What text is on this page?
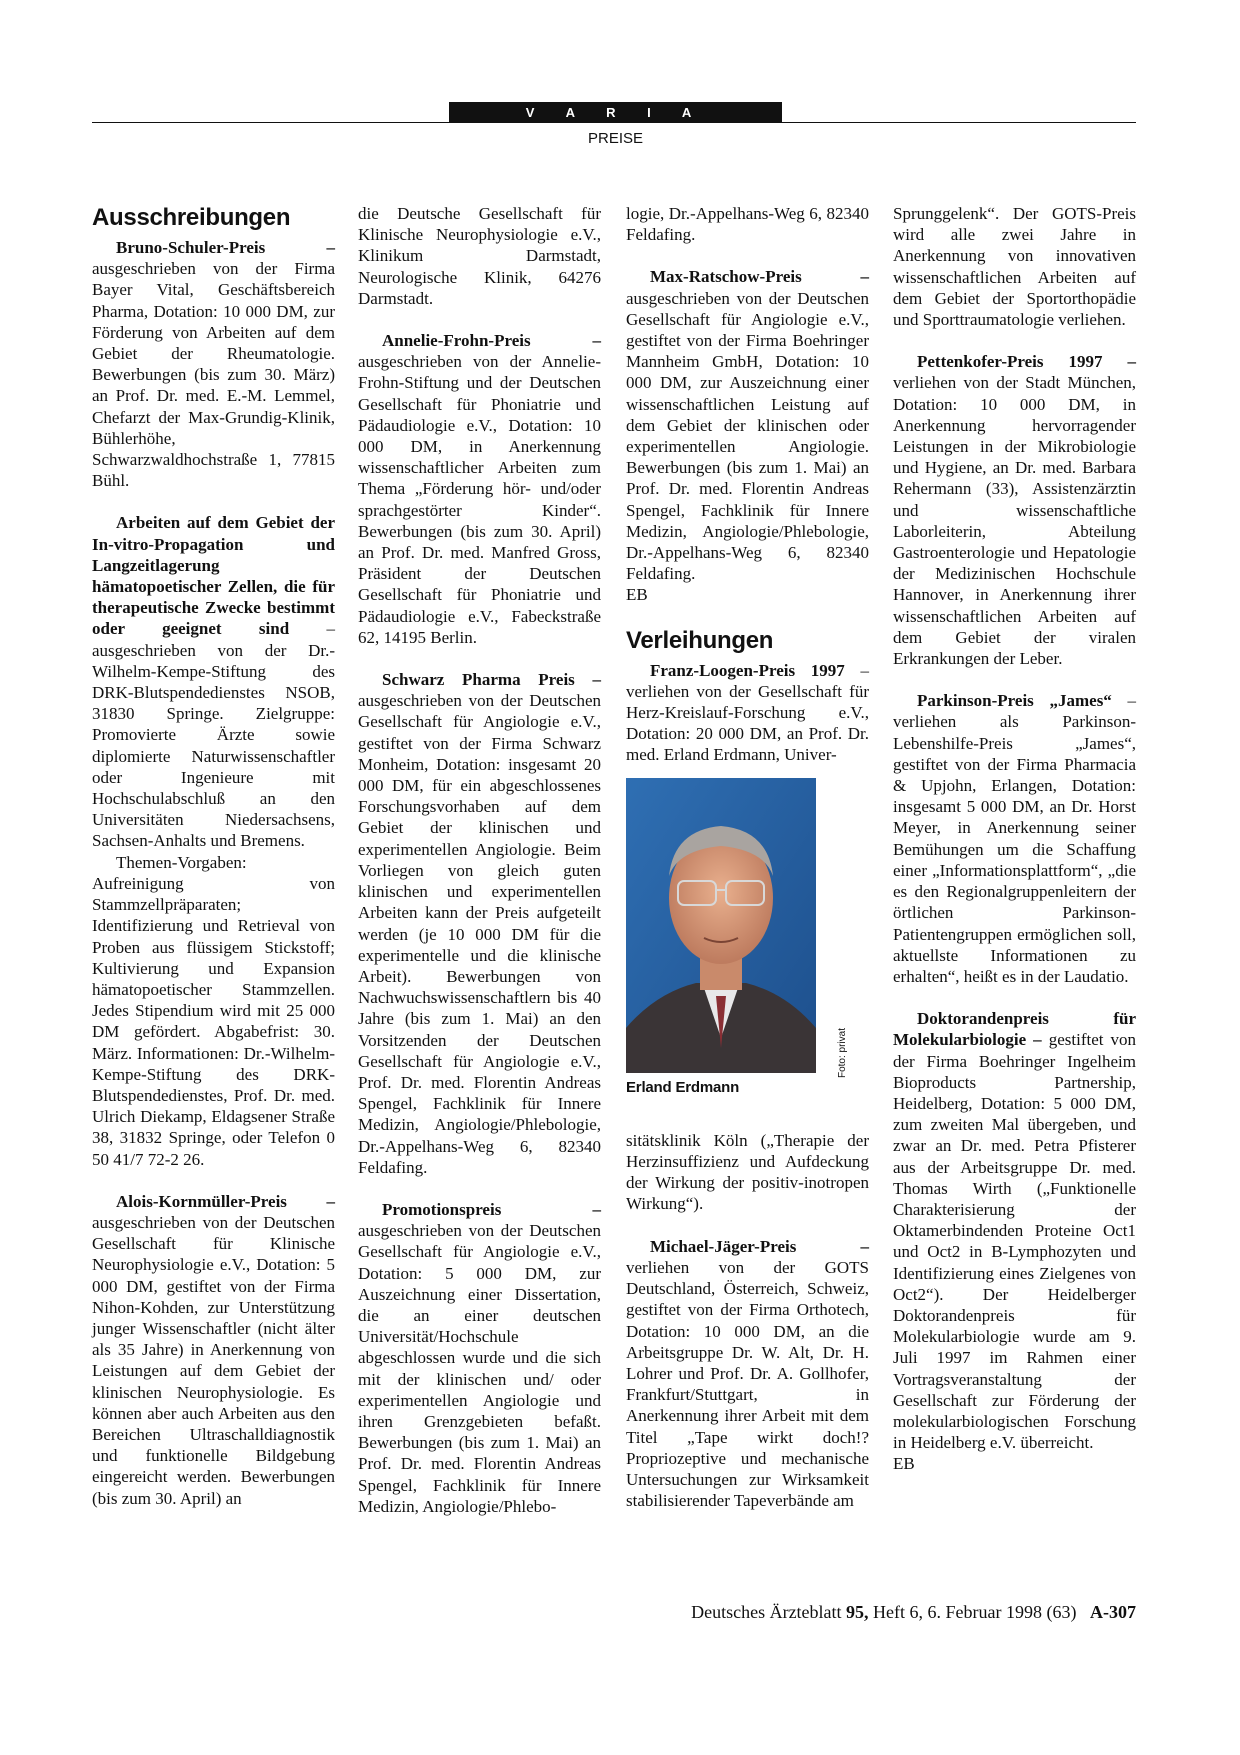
V A R I A
PREISE
Ausschreibungen

Bruno-Schuler-Preis – ausgeschrieben von der Firma Bayer Vital, Geschäftsbereich Pharma, Dotation: 10 000 DM, zur Förderung von Arbeiten auf dem Gebiet der Rheumatologie. Bewerbungen (bis zum 30. März) an Prof. Dr. med. E.-M. Lemmel, Chefarzt der Max-Grundig-Klinik, Bühlerhöhe, Schwarzwaldhochstraße 1, 77815 Bühl.

Arbeiten auf dem Gebiet der In-vitro-Propagation und Langzeitlagerung hämatopoetischer Zellen, die für therapeutische Zwecke bestimmt oder geeignet sind – ausgeschrieben von der Dr.-Wilhelm-Kempe-Stiftung des DRK-Blutspendedienstes NSOB, 31830 Springe. Zielgruppe: Promovierte Ärzte sowie diplomierte Naturwissenschaftler oder Ingenieure mit Hochschulabschluß an den Universitäten Niedersachsens, Sachsen-Anhalts und Bremens.

Themen-Vorgaben: Aufreinigung von Stammzellpräparaten; Identifizierung und Retrieval von Proben aus flüssigem Stickstoff; Kultivierung und Expansion hämatopoetischer Stammzellen. Jedes Stipendium wird mit 25 000 DM gefördert. Abgabefrist: 30. März. Informationen: Dr.-Wilhelm-Kempe-Stiftung des DRK-Blutspendedienstes, Prof. Dr. med. Ulrich Diekamp, Eldagsener Straße 38, 31832 Springe, oder Telefon 0 50 41/7 72-2 26.

Alois-Kornmüller-Preis – ausgeschrieben von der Deutschen Gesellschaft für Klinische Neurophysiologie e.V., Dotation: 5 000 DM, gestiftet von der Firma Nihon-Kohden, zur Unterstützung junger Wissenschaftler (nicht älter als 35 Jahre) in Anerkennung von Leistungen auf dem Gebiet der klinischen Neurophysiologie. Es können aber auch Arbeiten aus den Bereichen Ultraschalldiagnostik und funktionelle Bildgebung eingereicht werden. Bewerbungen (bis zum 30. April) an

die Deutsche Gesellschaft für Klinische Neurophysiologie e.V., Klinikum Darmstadt, Neurologische Klinik, 64276 Darmstadt.

Annelie-Frohn-Preis – ausgeschrieben von der Annelie-Frohn-Stiftung und der Deutschen Gesellschaft für Phoniatrie und Pädaudiologie e.V., Dotation: 10 000 DM, in Anerkennung wissenschaftlicher Arbeiten zum Thema „Förderung hör- und/oder sprachgestörter Kinder“. Bewerbungen (bis zum 30. April) an Prof. Dr. med. Manfred Gross, Präsident der Deutschen Gesellschaft für Phoniatrie und Pädaudiologie e.V., Fabeckstraße 62, 14195 Berlin.

Schwarz Pharma Preis – ausgeschrieben von der Deutschen Gesellschaft für Angiologie e.V., gestiftet von der Firma Schwarz Monheim, Dotation: insgesamt 20 000 DM, für ein abgeschlossenes Forschungsvorhaben auf dem Gebiet der klinischen und experimentellen Angiologie. Beim Vorliegen von gleich guten klinischen und experimentellen Arbeiten kann der Preis aufgeteilt werden (je 10 000 DM für die experimentelle und die klinische Arbeit). Bewerbungen von Nachwuchswissenschaftlern bis 40 Jahre (bis zum 1. Mai) an den Vorsitzenden der Deutschen Gesellschaft für Angiologie e.V., Prof. Dr. med. Florentin Andreas Spengel, Fachklinik für Innere Medizin, Angiologie/Phlebologie, Dr.-Appelhans-Weg 6, 82340 Feldafing.

Promotionspreis – ausgeschrieben von der Deutschen Gesellschaft für Angiologie e.V., Dotation: 5 000 DM, zur Auszeichnung einer Dissertation, die an einer deutschen Universität/Hochschule abgeschlossen wurde und die sich mit der klinischen und/ oder experimentellen Angiologie und ihren Grenzgebieten befaßt. Bewerbungen (bis zum 1. Mai) an Prof. Dr. med. Florentin Andreas Spengel, Fachklinik für Innere Medizin, Angiologie/Phlebo-

logie, Dr.-Appelhans-Weg 6, 82340 Feldafing.

Max-Ratschow-Preis – ausgeschrieben von der Deutschen Gesellschaft für Angiologie e.V., gestiftet von der Firma Boehringer Mannheim GmbH, Dotation: 10 000 DM, zur Auszeichnung einer wissenschaftlichen Leistung auf dem Gebiet der klinischen oder experimentellen Angiologie. Bewerbungen (bis zum 1. Mai) an Prof. Dr. med. Florentin Andreas Spengel, Fachklinik für Innere Medizin, Angiologie/Phlebologie, Dr.-Appelhans-Weg 6, 82340 Feldafing.

EB

Verleihungen

Franz-Loogen-Preis 1997 – verliehen von der Gesellschaft für Herz-Kreislauf-Forschung e.V., Dotation: 20 000 DM, an Prof. Dr. med. Erland Erdmann, Univer-

Foto: privat
Erland Erdmann

sitätsklinik Köln („Therapie der Herzinsuffizienz und Aufdeckung der Wirkung der positiv-inotropen Wirkung“).

Michael-Jäger-Preis – verliehen von der GOTS Deutschland, Österreich, Schweiz, gestiftet von der Firma Orthotech, Dotation: 10 000 DM, an die Arbeitsgruppe Dr. W. Alt, Dr. H. Lohrer und Prof. Dr. A. Gollhofer, Frankfurt/Stuttgart, in Anerkennung ihrer Arbeit mit dem Titel „Tape wirkt doch!? Propriozeptive und mechanische Untersuchungen zur Wirksamkeit stabilisierender Tapeverbände am

Sprunggelenk“. Der GOTS-Preis wird alle zwei Jahre in Anerkennung von innovativen wissenschaftlichen Arbeiten auf dem Gebiet der Sportorthopädie und Sporttraumatologie verliehen.

Pettenkofer-Preis 1997 – verliehen von der Stadt München, Dotation: 10 000 DM, in Anerkennung hervorragender Leistungen in der Mikrobiologie und Hygiene, an Dr. med. Barbara Rehermann (33), Assistenzärztin und wissenschaftliche Laborleiterin, Abteilung Gastroenterologie und Hepatologie der Medizinischen Hochschule Hannover, in Anerkennung ihrer wissenschaftlichen Arbeiten auf dem Gebiet der viralen Erkrankungen der Leber.

Parkinson-Preis „James“ – verliehen als Parkinson-Lebenshilfe-Preis „James“, gestiftet von der Firma Pharmacia & Upjohn, Erlangen, Dotation: insgesamt 5 000 DM, an Dr. Horst Meyer, in Anerkennung seiner Bemühungen um die Schaffung einer „Informationsplattform“, „die es den Regionalgruppenleitern der örtlichen Parkinson-Patientengruppen ermöglichen soll, aktuellste Informationen zu erhalten“, heißt es in der Laudatio.

Doktorandenpreis für Molekularbiologie – gestiftet von der Firma Boehringer Ingelheim Bioproducts Partnership, Heidelberg, Dotation: 5 000 DM, zum zweiten Mal übergeben, und zwar an Dr. med. Petra Pfisterer aus der Arbeitsgruppe Dr. med. Thomas Wirth („Funktionelle Charakterisierung der Oktamerbindenden Proteine Oct1 und Oct2 in B-Lymphozyten und Identifizierung eines Zielgenes von Oct2“). Der Heidelberger Doktorandenpreis für Molekularbiologie wurde am 9. Juli 1997 im Rahmen einer Vortragsveranstaltung der Gesellschaft zur Förderung der molekularbiologischen Forschung in Heidelberg e.V. überreicht.

EB

Deutsches Ärzteblatt 95, Heft 6, 6. Februar 1998 (63) A-307
